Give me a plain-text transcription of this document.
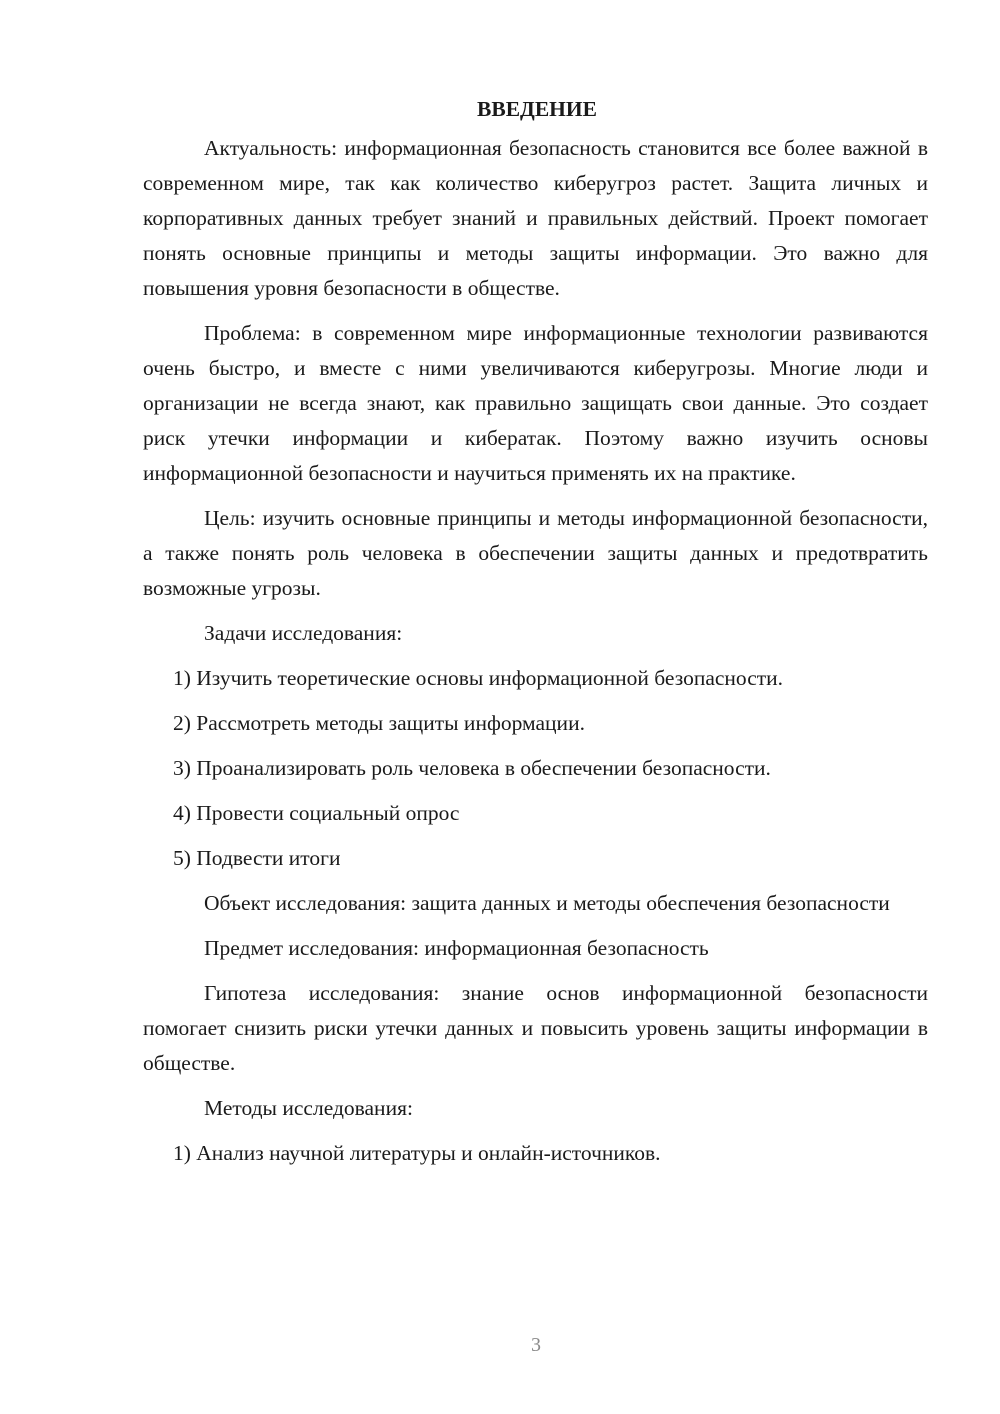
ВВЕДЕНИЕ

Актуальность: информационная безопасность становится все более важной в современном мире, так как количество киберугроз растет. Защита личных и корпоративных данных требует знаний и правильных действий. Проект помогает понять основные принципы и методы защиты информации. Это важно для повышения уровня безопасности в обществе.

Проблема: в современном мире информационные технологии развиваются очень быстро, и вместе с ними увеличиваются киберугрозы. Многие люди и организации не всегда знают, как правильно защищать свои данные. Это создает риск утечки информации и кибератак. Поэтому важно изучить основы информационной безопасности и научиться применять их на практике.

Цель: изучить основные принципы и методы информационной безопасности, а также понять роль человека в обеспечении защиты данных и предотвратить возможные угрозы.

Задачи исследования:

1) Изучить теоретические основы информационной безопасности.
2) Рассмотреть методы защиты информации.
3) Проанализировать роль человека в обеспечении безопасности.
4) Провести социальный опрос
5) Подвести итоги

Объект исследования: защита данных и методы обеспечения безопасности

Предмет исследования: информационная безопасность

Гипотеза исследования: знание основ информационной безопасности помогает снизить риски утечки данных и повысить уровень защиты информации в обществе.

Методы исследования:

1) Анализ научной литературы и онлайн-источников.
3
